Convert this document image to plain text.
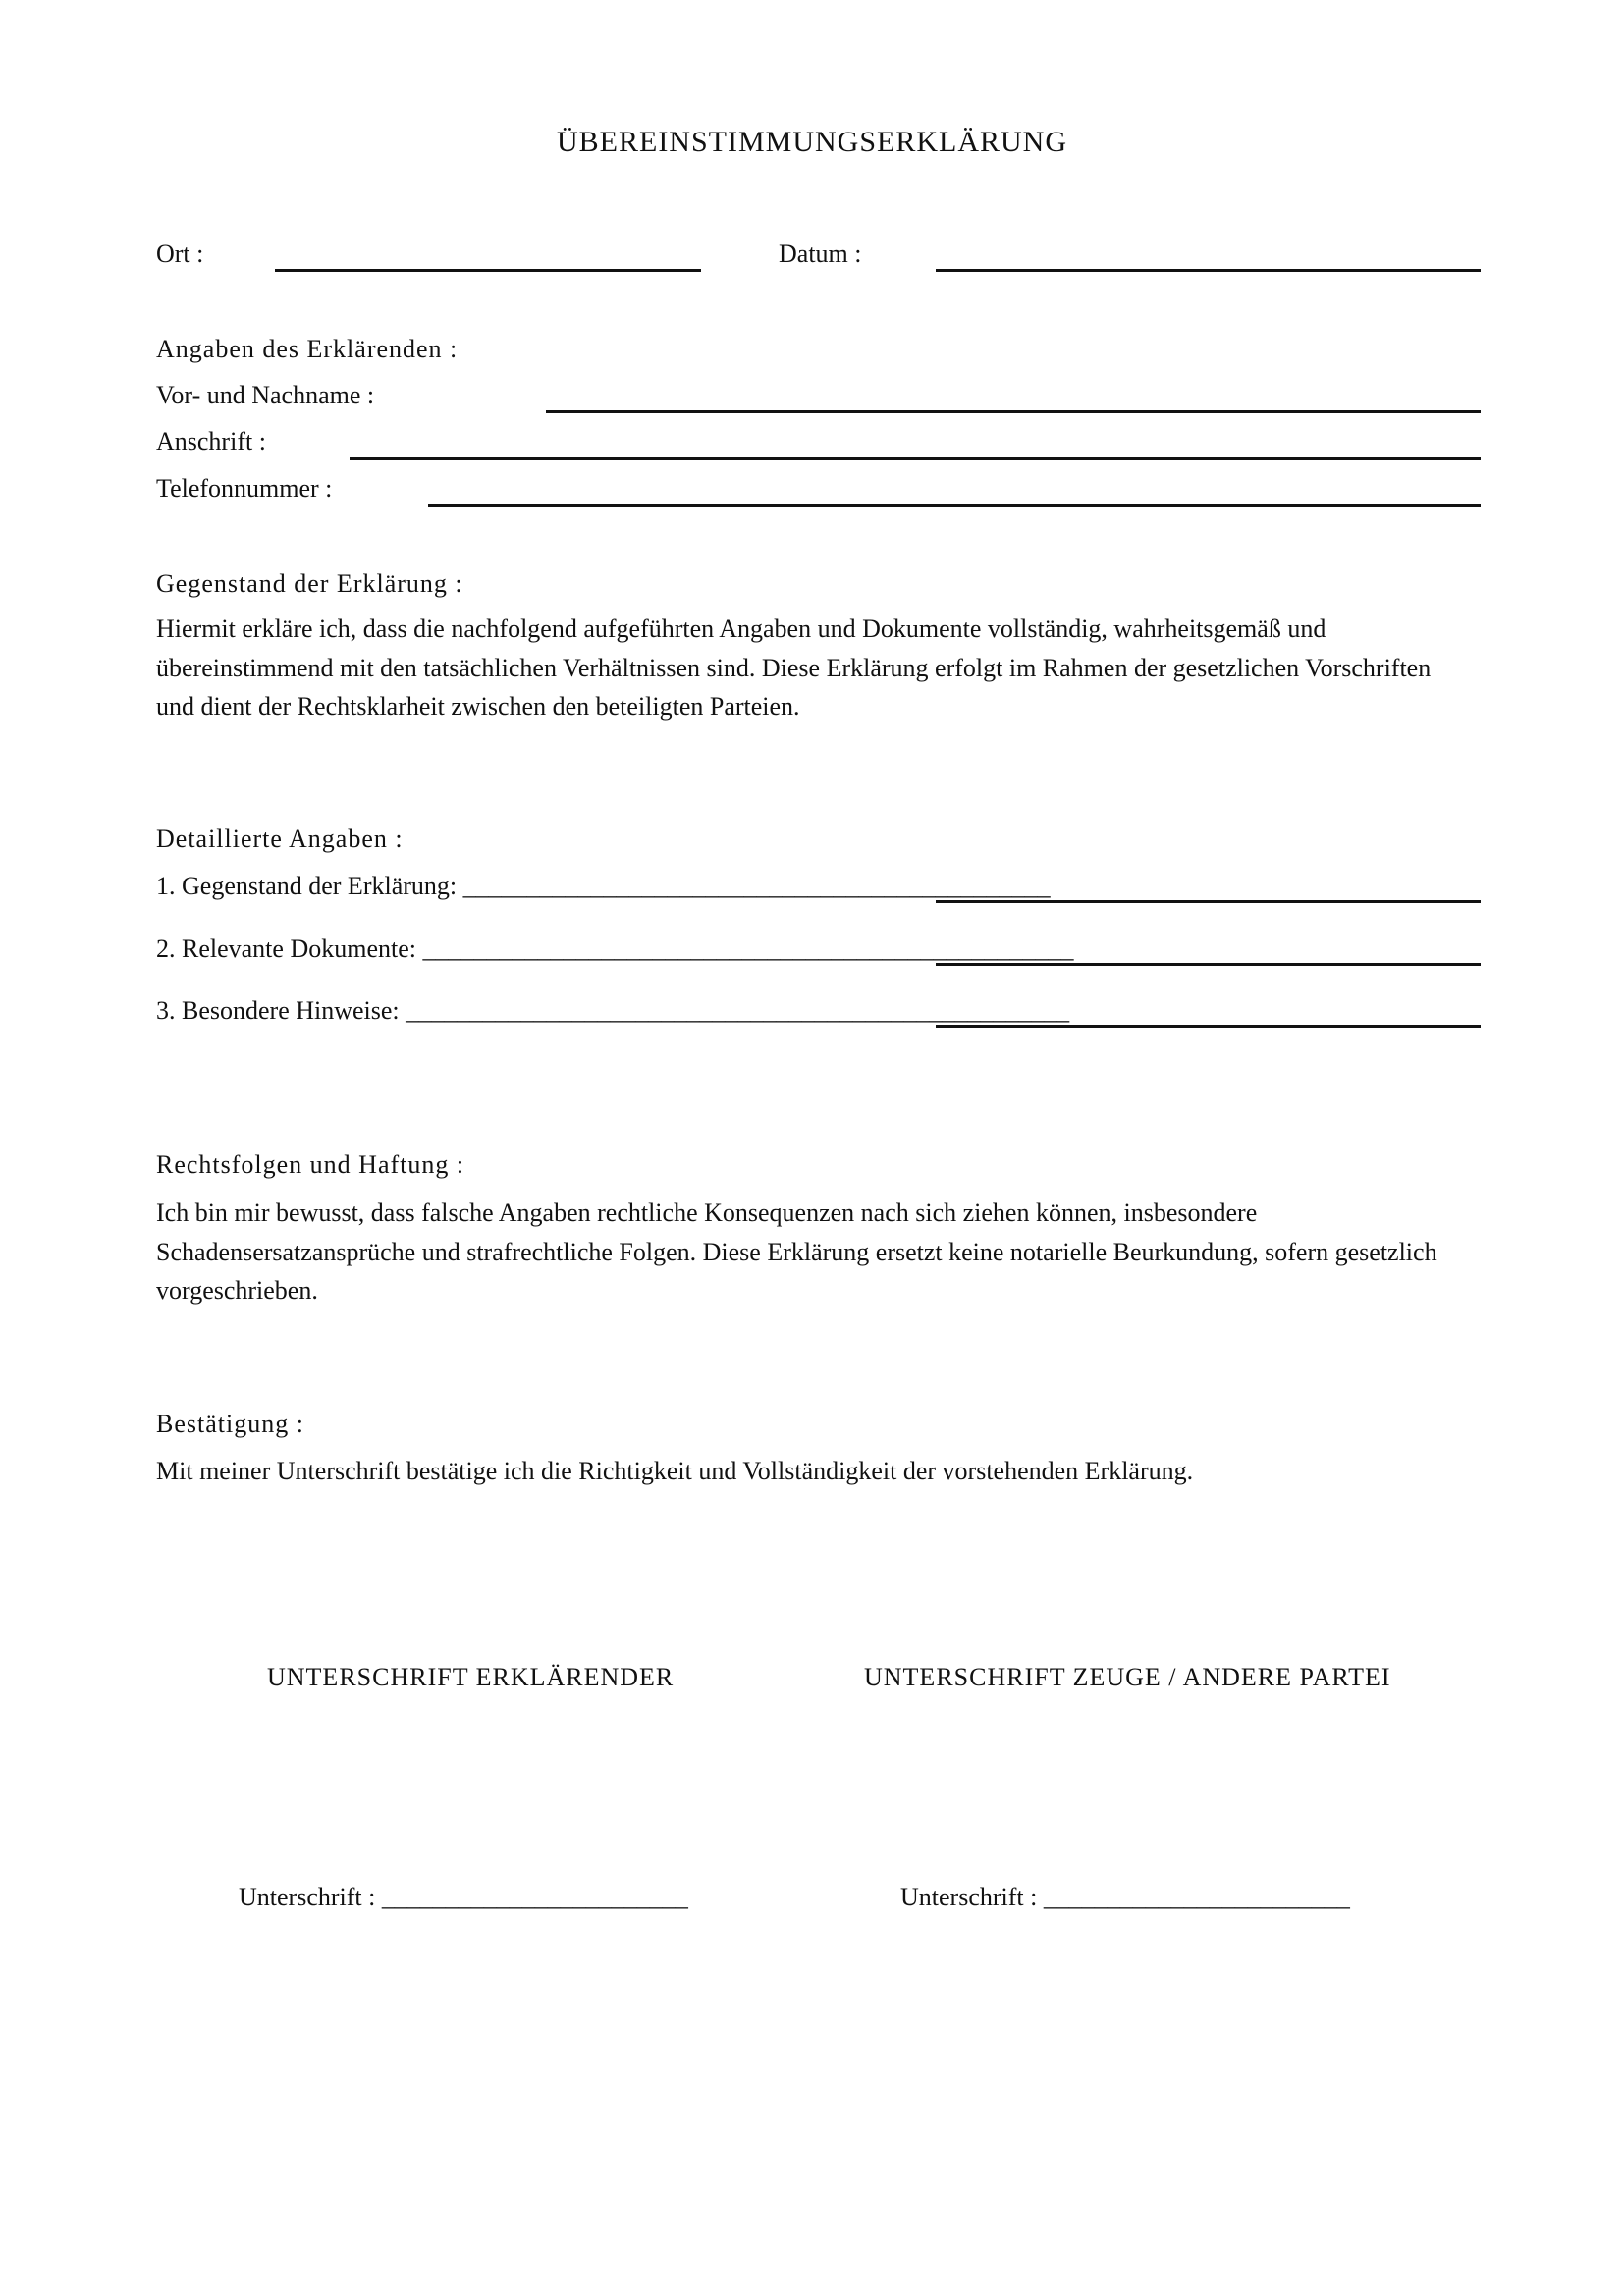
ÜBEREINSTIMMUNGSERKLÄRUNG
Ort :	Datum :
Angaben des Erklärenden :
Vor- und Nachname :
Anschrift :
Telefonnummer :
Gegenstand der Erklärung :
Hiermit erkläre ich, dass die nachfolgend aufgeführten Angaben und Dokumente vollständig, wahrheitsgemäß und übereinstimmend mit den tatsächlichen Verhältnissen sind. Diese Erklärung erfolgt im Rahmen der gesetzlichen Vorschriften und dient der Rechtsklarheit zwischen den beteiligten Parteien.
Detaillierte Angaben :
1. Gegenstand der Erklärung: ______________________________________________
2. Relevante Dokumente: ___________________________________________________
3. Besondere Hinweise: ____________________________________________________
Rechtsfolgen und Haftung :
Ich bin mir bewusst, dass falsche Angaben rechtliche Konsequenzen nach sich ziehen können, insbesondere Schadensersatzansprüche und strafrechtliche Folgen. Diese Erklärung ersetzt keine notarielle Beurkundung, sofern gesetzlich vorgeschrieben.
Bestätigung :
Mit meiner Unterschrift bestätige ich die Richtigkeit und Vollständigkeit der vorstehenden Erklärung.
UNTERSCHRIFT ERKLÄRENDER	UNTERSCHRIFT ZEUGE / ANDERE PARTEI
Unterschrift : ________________________	Unterschrift : ________________________
